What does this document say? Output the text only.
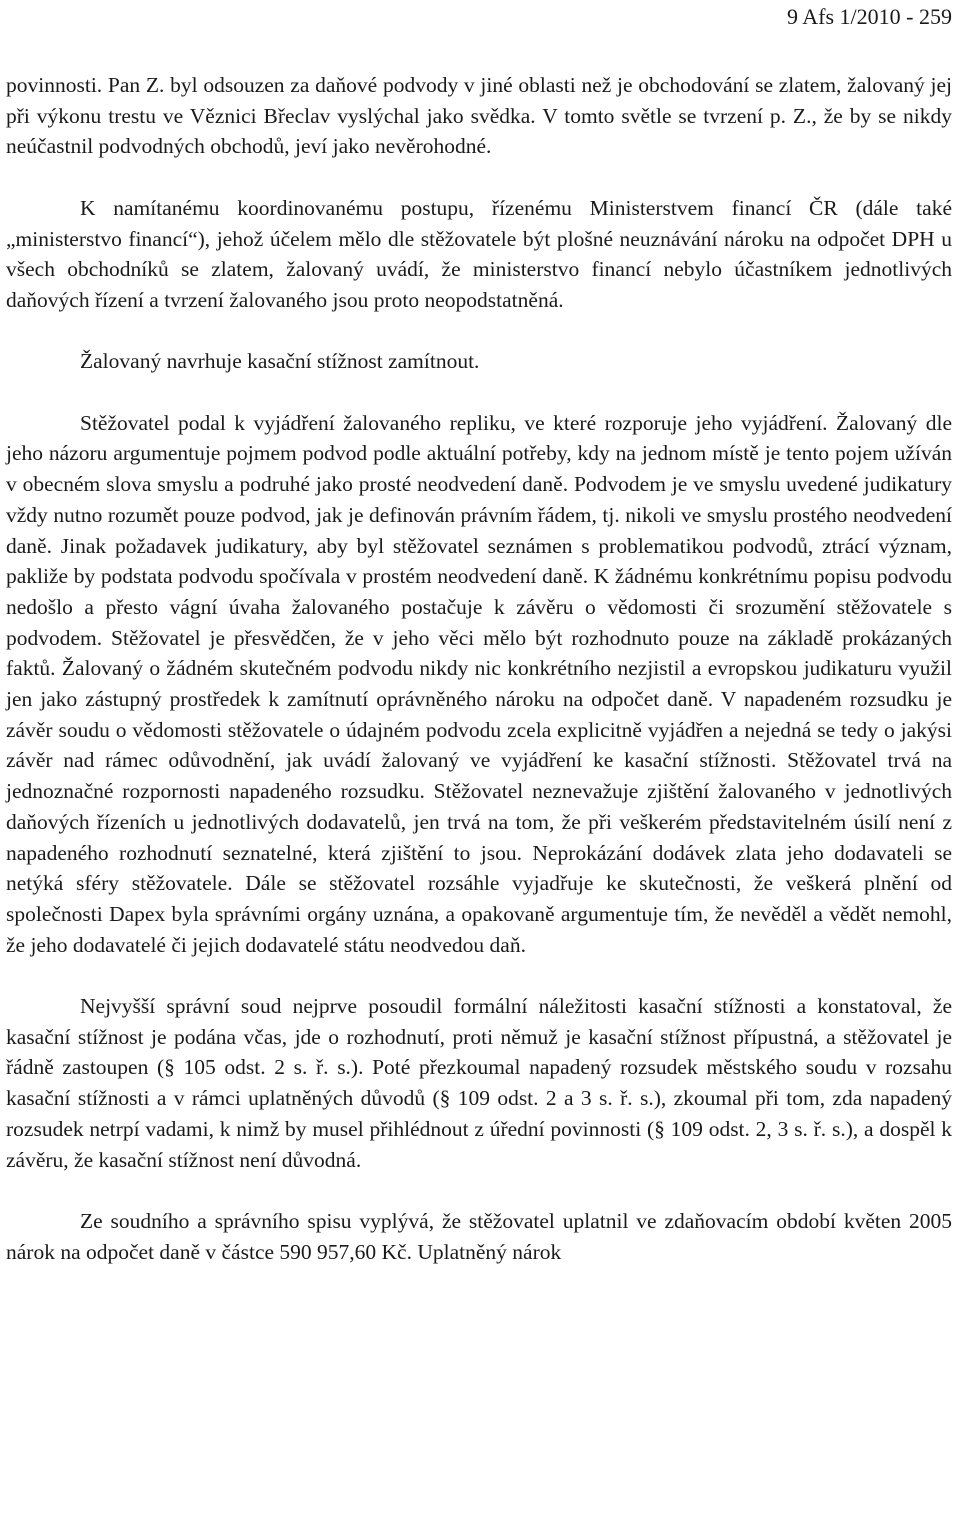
9 Afs 1/2010 - 259

povinnosti. Pan Z. byl odsouzen za daňové podvody v jiné oblasti než je obchodování se zlatem, žalovaný jej při výkonu trestu ve Věznici Břeclav vyslýchal jako svědka. V tomto světle se tvrzení p. Z., že by se nikdy neúčastnil podvodných obchodů, jeví jako nevěrohodné.

K namítanému koordinovanému postupu, řízenému Ministerstvem financí ČR (dále také „ministerstvo financí“), jehož účelem mělo dle stěžovatele být plošné neuznávání nároku na odpočet DPH u všech obchodníků se zlatem, žalovaný uvádí, že ministerstvo financí nebylo účastníkem jednotlivých daňových řízení a tvrzení žalovaného jsou proto neopodstatněná.

Žalovaný navrhuje kasační stížnost zamítnout.

Stěžovatel podal k vyjádření žalovaného repliku, ve které rozporuje jeho vyjádření. Žalovaný dle jeho názoru argumentuje pojmem podvod podle aktuální potřeby, kdy na jednom místě je tento pojem užíván v obecném slova smyslu a podruhé jako prosté neodvedení daně. Podvodem je ve smyslu uvedené judikatury vždy nutno rozumět pouze podvod, jak je definován právním řádem, tj. nikoli ve smyslu prostého neodvedení daně. Jinak požadavek judikatury, aby byl stěžovatel seznámen s problematikou podvodů, ztrácí význam, pakliže by podstata podvodu spočívala v prostém neodvedení daně. K žádnému konkrétnímu popisu podvodu nedošlo a přesto vágní úvaha žalovaného postačuje k závěru o vědomosti či srozumění stěžovatele s podvodem. Stěžovatel je přesvědčen, že v jeho věci mělo být rozhodnuto pouze na základě prokázaných faktů. Žalovaný o žádném skutečném podvodu nikdy nic konkrétního nezjistil a evropskou judikaturu využil jen jako zástupný prostředek k zamítnutí oprávněného nároku na odpočet daně. V napadeném rozsudku je závěr soudu o vědomosti stěžovatele o údajném podvodu zcela explicitně vyjádřen a nejedná se tedy o jakýsi závěr nad rámec odůvodnění, jak uvádí žalovaný ve vyjádření ke kasační stížnosti. Stěžovatel trvá na jednoznačné rozpornosti napadeného rozsudku. Stěžovatel neznevažuje zjištění žalovaného v jednotlivých daňových řízeních u jednotlivých dodavatelů, jen trvá na tom, že při veškerém představitelném úsilí není z napadeného rozhodnutí seznatelné, která zjištění to jsou. Neprokázání dodávek zlata jeho dodavateli se netýká sféry stěžovatele. Dále se stěžovatel rozsáhle vyjadřuje ke skutečnosti, že veškerá plnění od společnosti Dapex byla správními orgány uznána, a opakovaně argumentuje tím, že nevěděl a vědět nemohl, že jeho dodavatelé či jejich dodavatelé státu neodvedou daň.

Nejvyšší správní soud nejprve posoudil formální náležitosti kasační stížnosti a konstatoval, že kasační stížnost je podána včas, jde o rozhodnutí, proti němuž je kasační stížnost přípustná, a stěžovatel je řádně zastoupen (§ 105 odst. 2 s. ř. s.). Poté přezkoumal napadený rozsudek městského soudu v rozsahu kasační stížnosti a v rámci uplatněných důvodů (§ 109 odst. 2 a 3 s. ř. s.), zkoumal při tom, zda napadený rozsudek netrpí vadami, k nimž by musel přihlédnout z úřední povinnosti (§ 109 odst. 2, 3 s. ř. s.), a dospěl k závěru, že kasační stížnost není důvodná.

Ze soudního a správního spisu vyplývá, že stěžovatel uplatnil ve zdaňovacím období květen 2005 nárok na odpočet daně v částce 590 957,60 Kč. Uplatněný nárok
